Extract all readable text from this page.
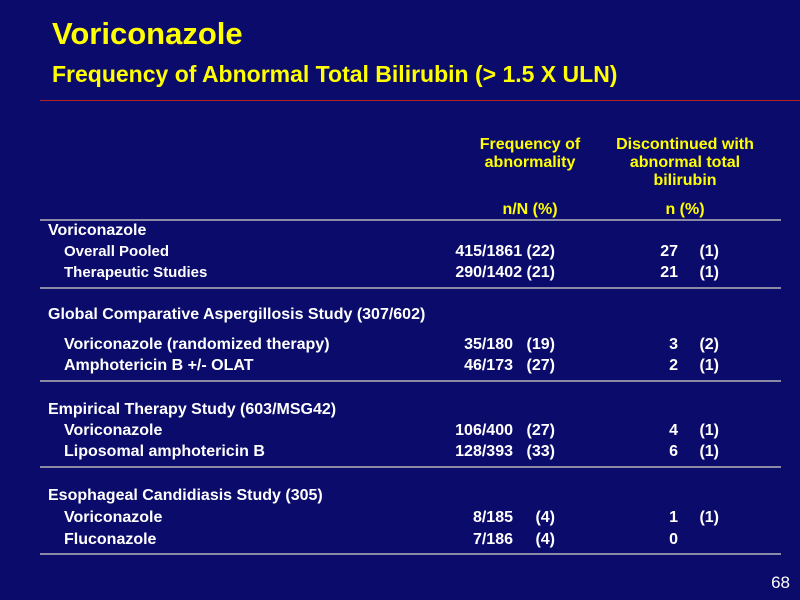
Voriconazole
Frequency of Abnormal Total Bilirubin (> 1.5 X ULN)
Frequency of
abnormality
Discontinued with
abnormal total
bilirubin
n/N (%)	n (%)
Voriconazole
Overall Pooled	415/1861 (22)	27 (1)
Therapeutic Studies	290/1402 (21)	21 (1)
Global Comparative Aspergillosis Study (307/602)
Voriconazole (randomized therapy)	35/180 (19)	3 (2)
Amphotericin B +/- OLAT	46/173 (27)	2 (1)
Empirical Therapy Study (603/MSG42)
Voriconazole	106/400 (27)	4 (1)
Liposomal amphotericin B	128/393 (33)	6 (1)
Esophageal Candidiasis Study (305)
Voriconazole	8/185 (4)	1 (1)
Fluconazole	7/186 (4)	0
68
